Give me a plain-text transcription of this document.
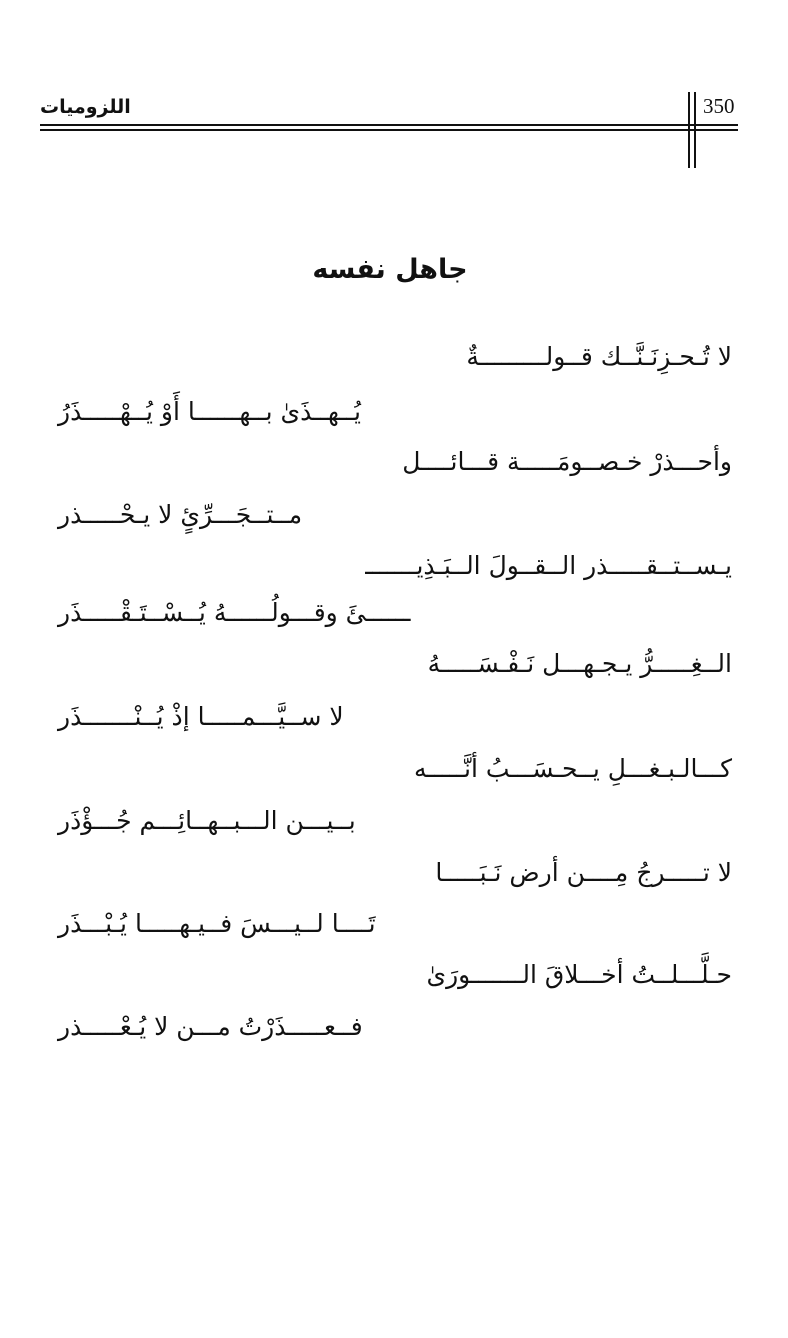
اللزوميات	350
جاهل نفسه
لا تُـحـزِنَـنَّــك قــولـــــــــةٌ
يُــهــذَىٰ بــهــــــا أَوْ يُــهْـــــذَرُ
وأحـــذرْ خـصــومَـــــة قـــائــــل
مــتــجَـــرِّئٍ لا يـحْـــــذر
يـســتــقـــــذر الــقــولَ الــبَـذِيـــــــ
ــــــئَ وقـــولُــــــهُ يُــسْــتَـقْـــــذَر
الــغِـــــرُّ يـجـهـــل نَـفْـسَـــــهُ
لا ســيَّـــمـــــا إذْ يُــنْـــــــذَر
كـــالـبـغـــلِ يــحـسَـــبُ أنَّـــــه
بــيـــن الـــبــهــائِـــم جُـــؤْذَر
لا تـــــرجُ مِــــن أرض نَـبَـــــا
تَــــا لــيـــسَ فــيـهـــــا يُـبْـــذَر
حـلَّـــلــتُ أخـــلاقَ الـــــــورَىٰ
فــعـــــذَرْتُ مـــن لا يُـعْـــــذر
